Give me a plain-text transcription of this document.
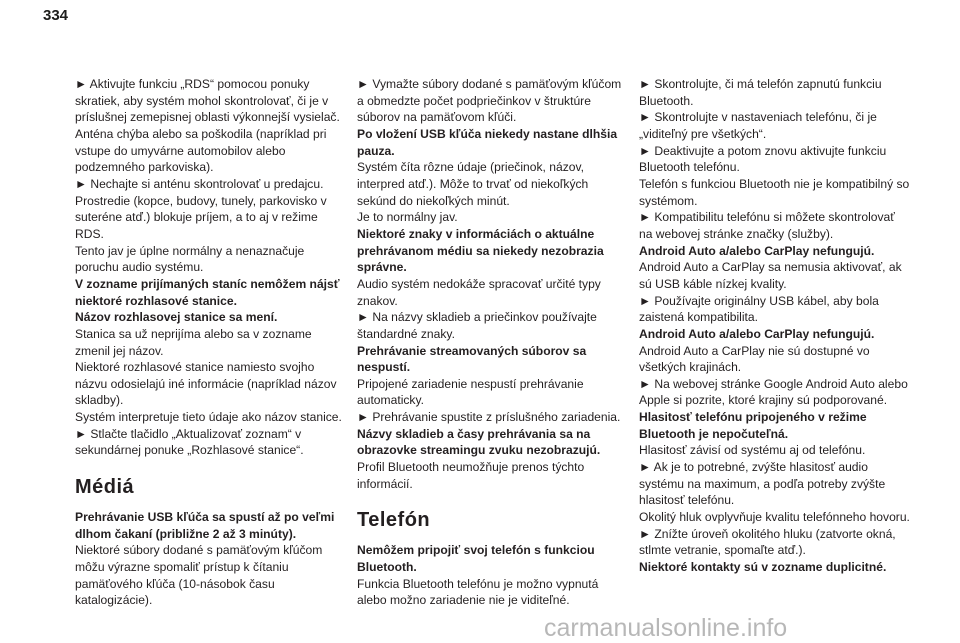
334

► Aktivujte funkciu „RDS“ pomocou ponuky skratiek, aby systém mohol skontrolovať, či je v príslušnej zemepisnej oblasti výkonnejší vysielač.

Anténa chýba alebo sa poškodila (napríklad pri vstupe do umyvárne automobilov alebo podzemného parkoviska).

► Nechajte si anténu skontrolovať u predajcu.

Prostredie (kopce, budovy, tunely, parkovisko v suteréne atď.) blokuje príjem, a to aj v režime RDS.

Tento jav je úplne normálny a nenaznačuje poruchu audio systému.

V zozname prijímaných staníc nemôžem nájsť niektoré rozhlasové stanice.

Názov rozhlasovej stanice sa mení.

Stanica sa už neprijíma alebo sa v zozname zmenil jej názov.

Niektoré rozhlasové stanice namiesto svojho názvu odosielajú iné informácie (napríklad názov skladby).

Systém interpretuje tieto údaje ako názov stanice.

► Stlačte tlačidlo „Aktualizovať zoznam“ v sekundárnej ponuke „Rozhlasové stanice“.

Médiá

Prehrávanie USB kľúča sa spustí až po veľmi dlhom čakaní (približne 2 až 3 minúty).

Niektoré súbory dodané s pamäťovým kľúčom môžu výrazne spomaliť prístup k čítaniu pamäťového kľúča (10-násobok času katalogizácie).

► Vymažte súbory dodané s pamäťovým kľúčom a obmedzte počet podpriečinkov v štruktúre súborov na pamäťovom kľúči.

Po vložení USB kľúča niekedy nastane dlhšia pauza.

Systém číta rôzne údaje (priečinok, názov, interpred atď.). Môže to trvať od niekoľkých sekúnd do niekoľkých minút.

Je to normálny jav.

Niektoré znaky v informáciách o aktuálne prehrávanom médiu sa niekedy nezobrazia správne.

Audio systém nedokáže spracovať určité typy znakov.

► Na názvy skladieb a priečinkov používajte štandardné znaky.

Prehrávanie streamovaných súborov sa nespustí.

Pripojené zariadenie nespustí prehrávanie automaticky.

► Prehrávanie spustite z príslušného zariadenia.

Názvy skladieb a časy prehrávania sa na obrazovke streamingu zvuku nezobrazujú.

Profil Bluetooth neumožňuje prenos týchto informácií.

Telefón

Nemôžem pripojiť svoj telefón s funkciou Bluetooth.

Funkcia Bluetooth telefónu je možno vypnutá alebo možno zariadenie nie je viditeľné.

► Skontrolujte, či má telefón zapnutú funkciu Bluetooth.

► Skontrolujte v nastaveniach telefónu, či je „viditeľný pre všetkých“.

► Deaktivujte a potom znovu aktivujte funkciu Bluetooth telefónu.

Telefón s funkciou Bluetooth nie je kompatibilný so systémom.

► Kompatibilitu telefónu si môžete skontrolovať na webovej stránke značky (služby).

Android Auto a/alebo CarPlay nefungujú.

Android Auto a CarPlay sa nemusia aktivovať, ak sú USB káble nízkej kvality.

► Používajte originálny USB kábel, aby bola zaistená kompatibilita.

Android Auto a/alebo CarPlay nefungujú.

Android Auto a CarPlay nie sú dostupné vo všetkých krajinách.

► Na webovej stránke Google Android Auto alebo Apple si pozrite, ktoré krajiny sú podporované.

Hlasitosť telefónu pripojeného v režime Bluetooth je nepočuteľná.

Hlasitosť závisí od systému aj od telefónu.

► Ak je to potrebné, zvýšte hlasitosť audio systému na maximum, a podľa potreby zvýšte hlasitosť telefónu.

Okolitý hluk ovplyvňuje kvalitu telefónneho hovoru.

► Znížte úroveň okolitého hluku (zatvorte okná, stlmte vetranie, spomaľte atď.).

Niektoré kontakty sú v zozname duplicitné.

carmanualsonline.info
